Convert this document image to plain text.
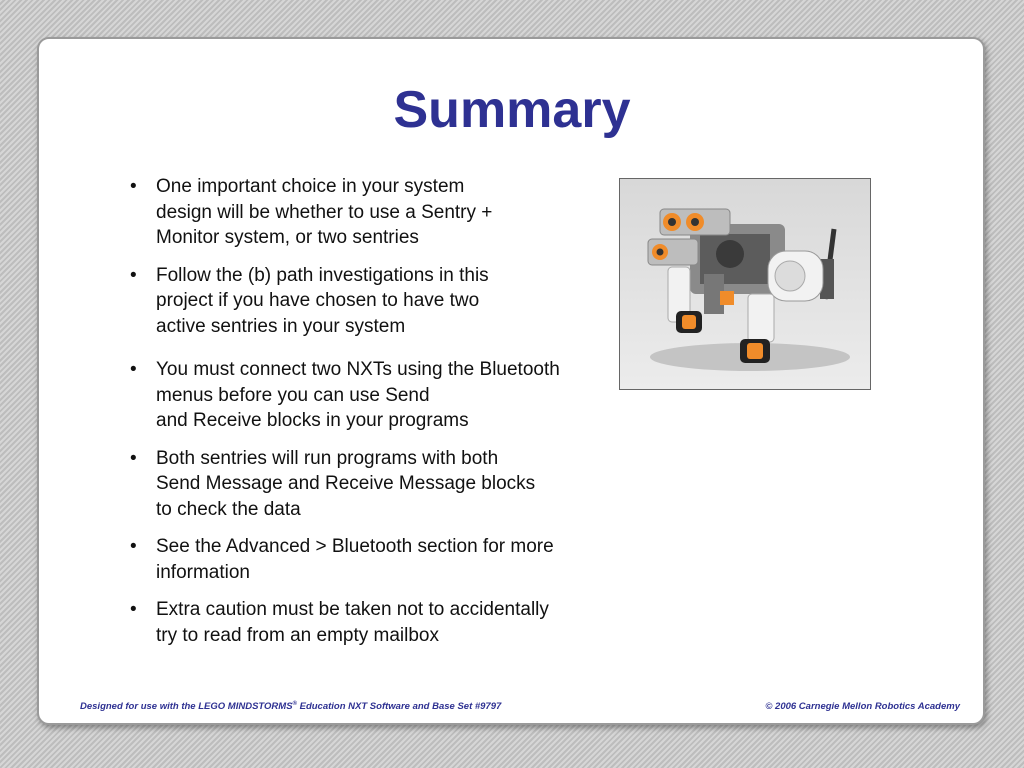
Summary
• One important choice in your system
design will be whether to use a Sentry +
Monitor system, or two sentries
• Follow the (b) path investigations in this
project if you have chosen to have two
active sentries in your system
• You must connect two NXTs using the Bluetooth
menus before you can use Send
and Receive blocks in your programs
• Both sentries will run programs with both
Send Message and Receive Message blocks
to check the data
• See the Advanced > Bluetooth section for more
information
• Extra caution must be taken not to accidentally
try to read from an empty mailbox
Designed for use with the LEGO MINDSTORMS® Education NXT Software and Base Set #9797	© 2006 Carnegie Mellon Robotics Academy
